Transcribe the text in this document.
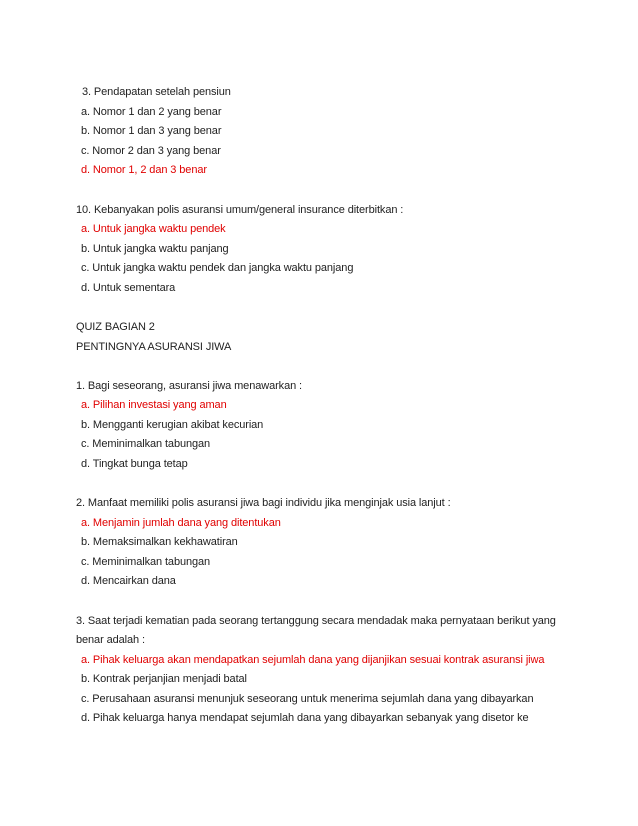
3. Pendapatan setelah pensiun
a. Nomor 1 dan 2 yang benar
b. Nomor 1 dan 3 yang benar
c. Nomor 2 dan 3 yang benar
d. Nomor 1, 2 dan 3 benar
10. Kebanyakan polis asuransi umum/general insurance diterbitkan :
a. Untuk jangka waktu pendek
b. Untuk jangka waktu panjang
c. Untuk jangka waktu pendek dan jangka waktu panjang
d. Untuk sementara
QUIZ BAGIAN 2
PENTINGNYA ASURANSI JIWA
1. Bagi seseorang, asuransi jiwa menawarkan :
a. Pilihan investasi yang aman
b. Mengganti kerugian akibat kecurian
c. Meminimalkan tabungan
d. Tingkat bunga tetap
2. Manfaat memiliki polis asuransi jiwa bagi individu jika menginjak usia lanjut :
a. Menjamin jumlah dana yang ditentukan
b. Memaksimalkan kekhawatiran
c. Meminimalkan tabungan
d. Mencairkan dana
3. Saat terjadi kematian pada seorang tertanggung secara mendadak maka pernyataan berikut yang
benar adalah :
a. Pihak keluarga akan mendapatkan sejumlah dana yang dijanjikan sesuai kontrak asuransi jiwa
b. Kontrak perjanjian menjadi batal
c. Perusahaan asuransi menunjuk seseorang untuk menerima sejumlah dana yang dibayarkan
d. Pihak keluarga hanya mendapat sejumlah dana yang dibayarkan sebanyak yang disetor ke
